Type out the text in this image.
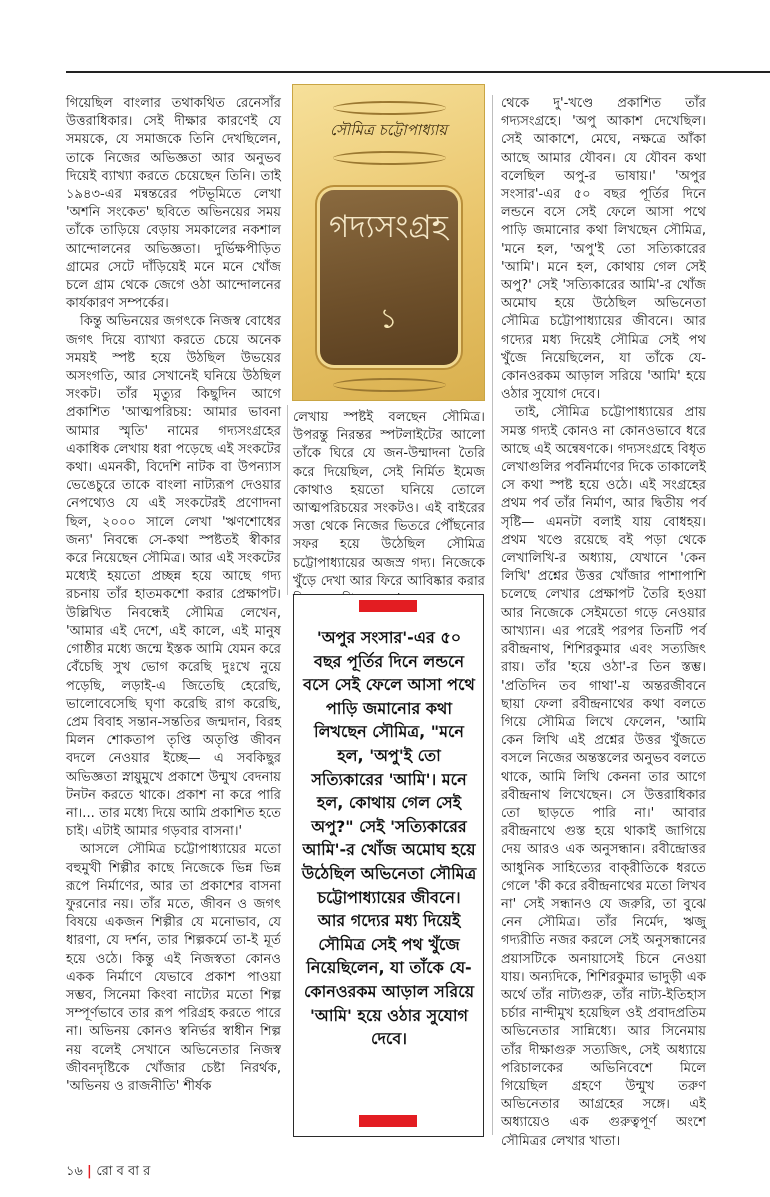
গিয়েছিল বাংলার তথাকথিত রেনেসাঁর উত্তরাধিকার। সেই দীক্ষার কারণেই যে সময়কে, যে সমাজকে তিনি দেখছিলেন, তাকে নিজের অভিজ্ঞতা আর অনুভব দিয়েই ব্যাখ্যা করতে চেয়েছেন তিনি। তাই ১৯৪৩-এর মন্বন্তরের পটভূমিতে লেখা 'অশনি সংকেত' ছবিতে অভিনয়ের সময় তাঁকে তাড়িয়ে বেড়ায় সমকালের নকশাল আন্দোলনের অভিজ্ঞতা। দুর্ভিক্ষপীড়িত গ্রামের সেটে দাঁড়িয়েই মনে মনে খোঁজ চলে গ্রাম থেকে জেগে ওঠা আন্দোলনের কার্যকারণ সম্পর্কের।

কিন্তু অভিনয়ের জগৎকে নিজস্ব বোধের জগৎ দিয়ে ব্যাখ্যা করতে চেয়ে অনেক সময়ই স্পষ্ট হয়ে উঠছিল উভয়ের অসংগতি, আর সেখানেই ঘনিয়ে উঠছিল সংকট। তাঁর মৃত্যুর কিছুদিন আগে প্রকাশিত 'আত্মপরিচয়: আমার ভাবনা আমার স্মৃতি' নামের গদ্যসংগ্রহের একাধিক লেখায় ধরা পড়েছে এই সংকটের কথা। এমনকী, বিদেশি নাটক বা উপন্যাস ভেঙেচুরে তাকে বাংলা নাট্যরূপ দেওয়ার নেপথ্যেও যে এই সংকটেরই প্রণোদনা ছিল, ২০০০ সালে লেখা 'ঋণশোধের জন্য' নিবন্ধে সে-কথা স্পষ্টতই স্বীকার করে নিয়েছেন সৌমিত্র। আর এই সংকটের মধ্যেই হয়তো প্রচ্ছন্ন হয়ে আছে গদ্য রচনায় তাঁর হাতমকশো করার প্রেক্ষাপট। উল্লিখিত নিবন্ধেই সৌমিত্র লেখেন, 'আমার এই দেশে, এই কালে, এই মানুষ গোষ্ঠীর মধ্যে জন্মে ইস্তক আমি যেমন করে বেঁচেছি সুখ ভোগ করেছি দুঃখে নুয়ে পড়েছি, লড়াই-এ জিতেছি হেরেছি, ভালোবেসেছি ঘৃণা করেছি রাগ করেছি, প্রেম বিবাহ সন্তান-সন্ততির জন্মদান, বিরহ মিলন শোকতাপ তৃপ্তি অতৃপ্তি জীবন বদলে নেওয়ার ইচ্ছে— এ সবকিছুর অভিজ্ঞতা স্নায়ুমুখে প্রকাশে উন্মুখ বেদনায় টনটন করতে থাকে। প্রকাশ না করে পারি না।... তার মধ্যে দিয়ে আমি প্রকাশিত হতে চাই। এটাই আমার গড়বার বাসনা।'

আসলে সৌমিত্র চট্টোপাধ্যায়ের মতো বহুমুখী শিল্পীর কাছে নিজেকে ভিন্ন ভিন্ন রূপে নির্মাণের, আর তা প্রকাশের বাসনা ফুরনোর নয়। তাঁর মতে, জীবন ও জগৎ বিষয়ে একজন শিল্পীর যে মনোভাব, যে ধারণা, যে দর্শন, তার শিল্পকর্মে তা-ই মূর্ত হয়ে ওঠে। কিন্তু এই নিজস্বতা কোনও একক নির্মাণে যেভাবে প্রকাশ পাওয়া সম্ভব, সিনেমা কিংবা নাট্যের মতো শিল্প সম্পূর্ণভাবে তার রূপ পরিগ্রহ করতে পারে না। অভিনয় কোনও স্বনির্ভর স্বাধীন শিল্প নয় বলেই সেখানে অভিনেতার নিজস্ব জীবনদৃষ্টিকে খোঁজার চেষ্টা নিরর্থক, 'অভিনয় ও রাজনীতি' শীর্ষক

সৌমিত্র চট্টোপাধ্যায়
গদ্যসংগ্রহ
১

লেখায় স্পষ্টই বলছেন সৌমিত্র। উপরন্তু নিরন্তর স্পটলাইটের আলো তাঁকে ঘিরে যে জন-উম্মাদনা তৈরি করে দিয়েছিল, সেই নির্মিত ইমেজ কোথাও হয়তো ঘনিয়ে তোলে আত্মপরিচয়ের সংকটও। এই বাইরের সত্তা থেকে নিজের ভিতরে পৌঁছনোর সফর হয়ে উঠেছিল সৌমিত্র চট্টোপাধ্যায়ের অজস্র গদ্য। নিজেকে খুঁড়ে দেখা আর ফিরে আবিষ্কার করার

'অপুর সংসার'-এর ৫০ বছর পূর্তির দিনে লন্ডনে বসে সেই ফেলে আসা পথে পাড়ি জমানোর কথা লিখছেন সৌমিত্র, "মনে হল, 'অপু'ই তো সত্যিকারের 'আমি'। মনে হল, কোথায় গেল সেই অপু?" সেই 'সত্যিকারের আমি'-র খোঁজ অমোঘ হয়ে উঠেছিল অভিনেতা সৌমিত্র চট্টোপাধ্যায়ের জীবনে। আর গদ্যের মধ্য দিয়েই সৌমিত্র সেই পথ খুঁজে নিয়েছিলেন, যা তাঁকে যে-কোনওরকম আড়াল সরিয়ে 'আমি' হয়ে ওঠার সুযোগ দেবে।

থেকে দু'-খণ্ডে প্রকাশিত তাঁর গদ্যসংগ্রহে। 'অপু আকাশ দেখেছিল। সেই আকাশে, মেঘে, নক্ষত্রে আঁকা আছে আমার যৌবন। যে যৌবন কথা বলেছিল অপু-র ভাষায়।' 'অপুর সংসার'-এর ৫০ বছর পূর্তির দিনে লন্ডনে বসে সেই ফেলে আসা পথে পাড়ি জমানোর কথা লিখছেন সৌমিত্র, 'মনে হল, 'অপু'ই তো সত্যিকারের 'আমি'। মনে হল, কোথায় গেল সেই অপু?' সেই 'সত্যিকারের আমি'-র খোঁজ অমোঘ হয়ে উঠেছিল অভিনেতা সৌমিত্র চট্টোপাধ্যায়ের জীবনে। আর গদ্যের মধ্য দিয়েই সৌমিত্র সেই পথ খুঁজে নিয়েছিলেন, যা তাঁকে যে-কোনওরকম আড়াল সরিয়ে 'আমি' হয়ে ওঠার সুযোগ দেবে।

তাই, সৌমিত্র চট্টোপাধ্যায়ের প্রায় সমস্ত গদ্যই কোনও না কোনওভাবে ধরে আছে এই অন্বেষণকে। গদ্যসংগ্রহে বিধৃত লেখাগুলির পর্বনির্মাণের দিকে তাকালেই সে কথা স্পষ্ট হয়ে ওঠে। এই সংগ্রহের প্রথম পর্ব তাঁর নির্মাণ, আর দ্বিতীয় পর্ব সৃষ্টি— এমনটা বলাই যায় বোধহয়। প্রথম খণ্ডে রয়েছে বই পড়া থেকে লেখালিখি-র অধ্যায়, যেখানে 'কেন লিখি' প্রশ্নের উত্তর খোঁজার পাশাপাশি চলেছে লেখার প্রেক্ষাপট তৈরি হওয়া আর নিজেকে সেইমতো গড়ে নেওয়ার আখ্যান। এর পরেই পরপর তিনটি পর্ব রবীন্দ্রনাথ, শিশিরকুমার এবং সত্যজিৎ রায়। তাঁর 'হয়ে ওঠা'-র তিন স্তম্ভ। 'প্রতিদিন তব গাথা'-য় অন্তরজীবনে ছায়া ফেলা রবীন্দ্রনাথের কথা বলতে গিয়ে সৌমিত্র লিখে ফেলেন, 'আমি কেন লিখি এই প্রশ্নের উত্তর খুঁজতে বসলে নিজের অন্তস্তলের অনুভব বলতে থাকে, আমি লিখি কেননা তার আগে রবীন্দ্রনাথ লিখেছেন। সে উত্তরাধিকার তো ছাড়তে পারি না।' আবার রবীন্দ্রনাথে গুস্ত হয়ে থাকাই জাগিয়ে দেয় আরও এক অনুসন্ধান। রবীন্দ্রোত্তর আধুনিক সাহিত্যের বাক্‌রীতিকে ধরতে গেলে 'কী করে রবীন্দ্রনাথের মতো লিখব না' সেই সন্ধানও যে জরুরি, তা বুঝে নেন সৌমিত্র। তাঁর নির্মেদ, ঋজু গদ্যরীতি নজর করলে সেই অনুসন্ধানের প্রয়াসটিকে অনায়াসেই চিনে নেওয়া যায়। অন্যদিকে, শিশিরকুমার ভাদুড়ী এক অর্থে তাঁর নাট্যগুরু, তাঁর নাট্য-ইতিহাস চর্চার নান্দীমুখ হয়েছিল ওই প্রবাদপ্রতিম অভিনেতার সান্নিধ্যে। আর সিনেমায় তাঁর দীক্ষাগুরু সত্যজিৎ, সেই অধ্যায়ে পরিচালকের অভিনিবেশে মিলে গিয়েছিল গ্রহণে উন্মুখ তরুণ অভিনেতার আগ্রহের সঙ্গে। এই অধ্যায়েও এক গুরুত্বপূর্ণ অংশে সৌমিত্রর লেখার খাতা।

১৬ | রো ব বা র
